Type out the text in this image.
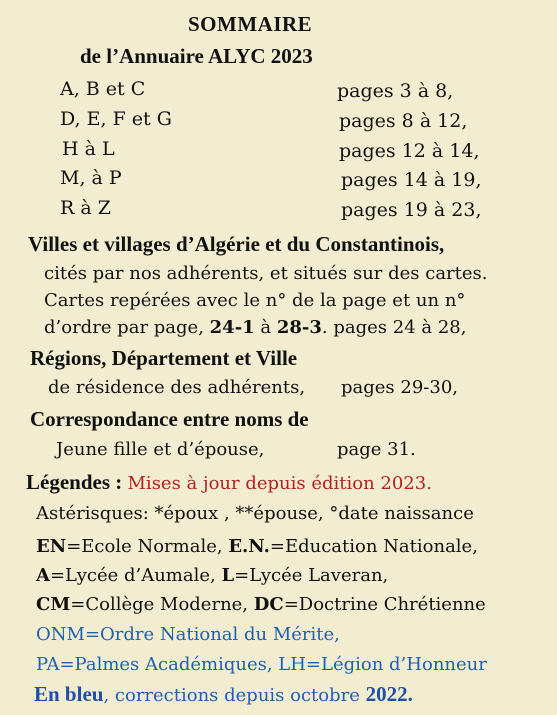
SOMMAIRE
de l’Annuaire ALYC 2023
A, B et C	pages 3 à 8,
D, E, F et G	pages 8 à 12,
H à L	pages 12 à 14,
M, à P	pages 14 à 19,
R à Z	pages 19 à 23,
Villes et villages d’Algérie et du Constantinois,
cités par nos adhérents, et situés sur des cartes.
Cartes repérées avec le n° de la page et un n°
d’ordre par page, 24-1 à 28-3. pages 24 à 28,
Régions, Département et Ville
de résidence des adhérents, pages 29-30,
Correspondance entre noms de
Jeune fille et d’épouse,	page 31.
Légendes : Mises à jour depuis édition 2023.
Astérisques: *époux , **épouse, °date naissance
EN=Ecole Normale, E.N.=Education Nationale,
A=Lycée d’Aumale, L=Lycée Laveran,
CM=Collège Moderne, DC=Doctrine Chrétienne
ONM=Ordre National du Mérite,
PA=Palmes Académiques, LH=Légion d’Honneur
En bleu, corrections depuis octobre 2022.
